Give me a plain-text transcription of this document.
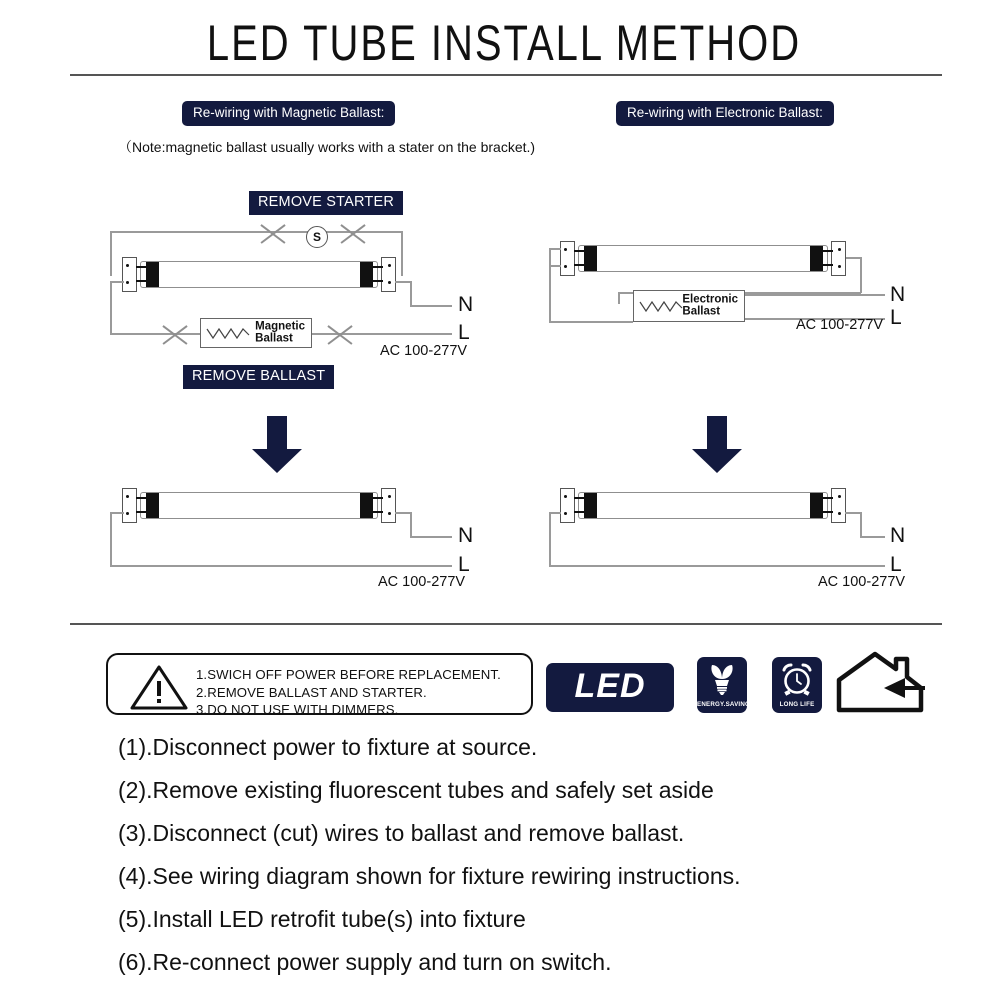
LED TUBE INSTALL METHOD
Re-wiring with Magnetic Ballast:
（Note:magnetic ballast usually works with a stater on the bracket.)
REMOVE STARTER
S
Magnetic
Ballast
N
L
AC 100-277V
REMOVE BALLAST
N
L
AC 100-277V
Re-wiring with Electronic Ballast:
Electronic
Ballast
N
L
AC 100-277V
N
L
AC 100-277V
1.SWICH OFF POWER BEFORE REPLACEMENT.
2.REMOVE BALLAST AND STARTER.
3.DO NOT USE WITH DIMMERS.
LED	ENERGY.SAVING	LONG LIFE
(1).Disconnect power to fixture at source.
(2).Remove existing fluorescent tubes and safely set aside
(3).Disconnect (cut) wires to ballast and remove ballast.
(4).See wiring diagram shown for fixture rewiring instructions.
(5).Install LED retrofit tube(s) into fixture
(6).Re-connect power supply and turn on switch.
